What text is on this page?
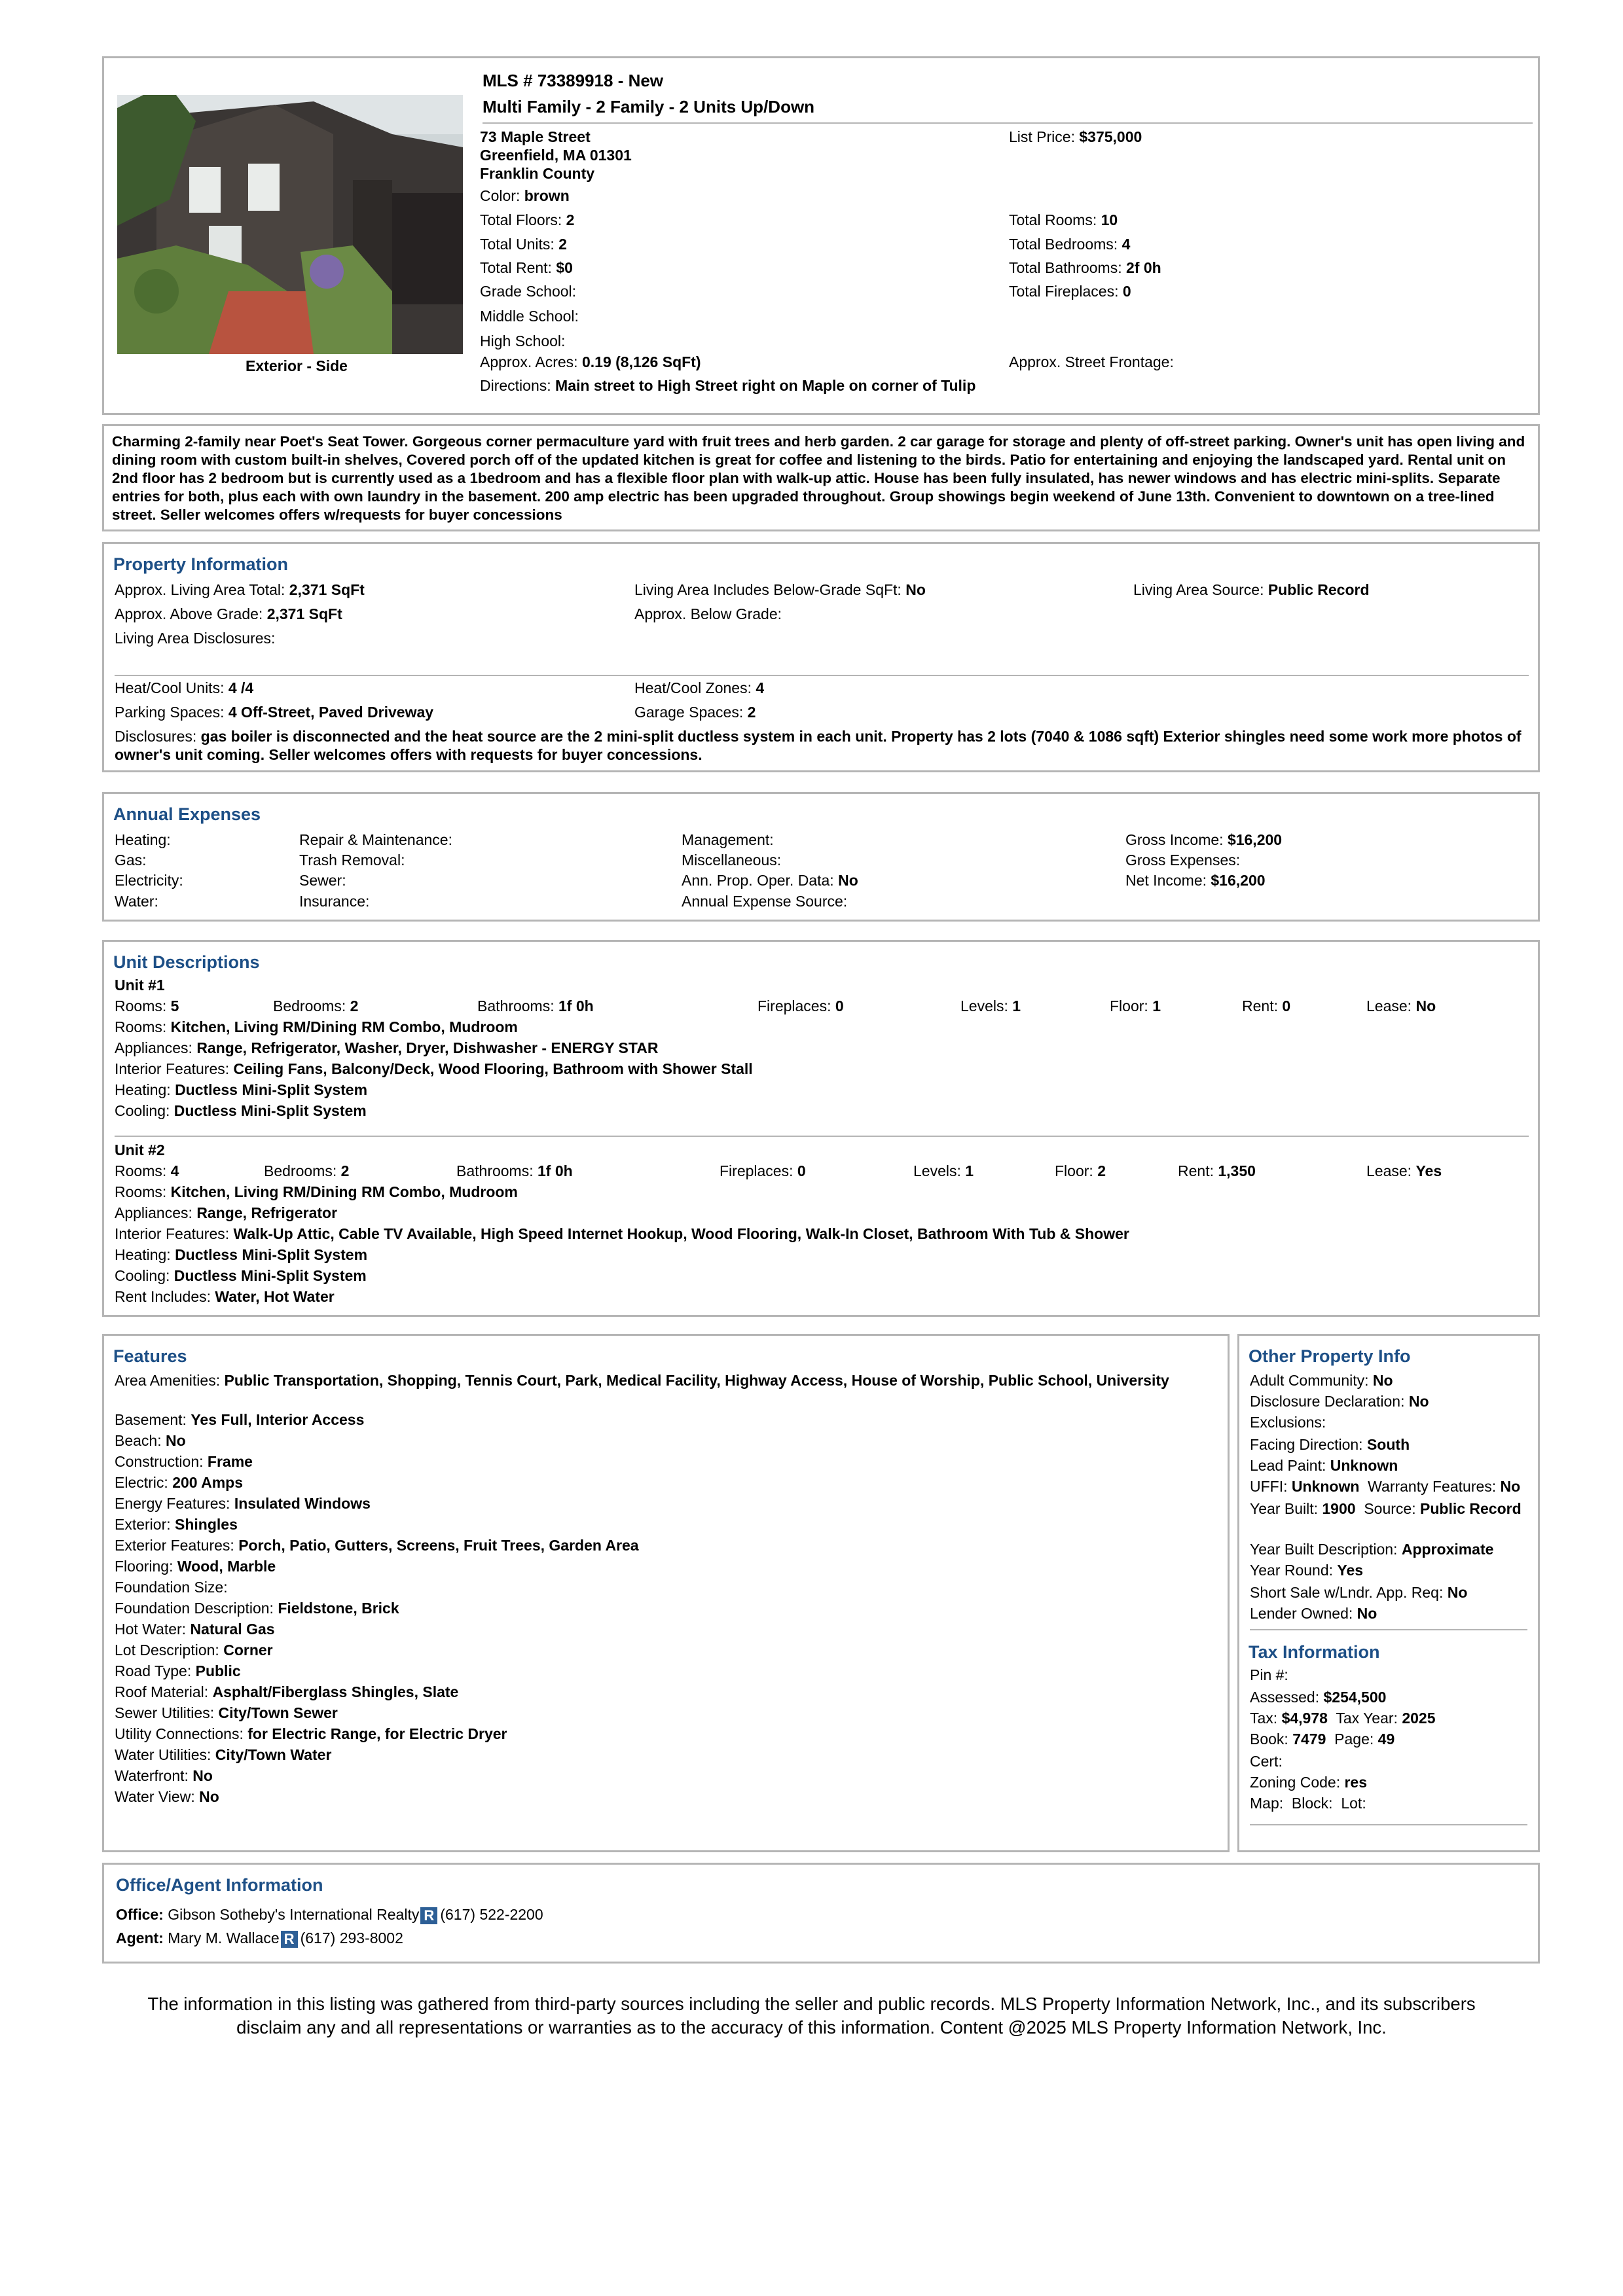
Exterior - Side
MLS # 73389918 - New
Multi Family - 2 Family - 2 Units Up/Down
73 Maple Street
Greenfield, MA 01301
Franklin County
List Price: $375,000
Color: brown
Total Floors: 2
Total Units: 2
Total Rent: $0
Grade School:
Middle School:
High School:
Approx. Acres: 0.19 (8,126 SqFt)
Total Rooms: 10
Total Bedrooms: 4
Total Bathrooms: 2f 0h
Total Fireplaces: 0
Approx. Street Frontage:
Directions: Main street to High Street right on Maple on corner of Tulip
Charming 2-family near Poet's Seat Tower. Gorgeous corner permaculture yard with fruit trees and herb garden. 2 car garage for storage and plenty of off-street parking. Owner's unit has open living and dining room with custom built-in shelves, Covered porch off of the updated kitchen is great for coffee and listening to the birds. Patio for entertaining and enjoying the landscaped yard. Rental unit on 2nd floor has 2 bedroom but is currently used as a 1bedroom and has a flexible floor plan with walk-up attic. House has been fully insulated, has newer windows and has electric mini-splits. Separate entries for both, plus each with own laundry in the basement. 200 amp electric has been upgraded throughout. Group showings begin weekend of June 13th. Convenient to downtown on a tree-lined street. Seller welcomes offers w/requests for buyer concessions
Property Information
Approx. Living Area Total: 2,371 SqFt	Living Area Includes Below-Grade SqFt: No	Living Area Source: Public Record
Approx. Above Grade: 2,371 SqFt	Approx. Below Grade:
Living Area Disclosures:
Heat/Cool Units: 4 /4	Heat/Cool Zones: 4
Parking Spaces: 4 Off-Street, Paved Driveway	Garage Spaces: 2
Disclosures: gas boiler is disconnected and the heat source are the 2 mini-split ductless system in each unit. Property has 2 lots (7040 & 1086 sqft) Exterior shingles need some work more photos of owner's unit coming. Seller welcomes offers with requests for buyer concessions.
Annual Expenses
Heating:
Gas:
Electricity:
Water:
Repair & Maintenance:
Trash Removal:
Sewer:
Insurance:
Management:
Miscellaneous:
Ann. Prop. Oper. Data: No
Annual Expense Source:
Gross Income: $16,200
Gross Expenses:
Net Income: $16,200
Unit Descriptions
Unit #1
Rooms: 5	Bedrooms: 2	Bathrooms: 1f 0h	Fireplaces: 0	Levels: 1	Floor: 1	Rent: 0	Lease: No
Rooms: Kitchen, Living RM/Dining RM Combo, Mudroom
Appliances: Range, Refrigerator, Washer, Dryer, Dishwasher - ENERGY STAR
Interior Features: Ceiling Fans, Balcony/Deck, Wood Flooring, Bathroom with Shower Stall
Heating: Ductless Mini-Split System
Cooling: Ductless Mini-Split System
Unit #2
Rooms: 4	Bedrooms: 2	Bathrooms: 1f 0h	Fireplaces: 0	Levels: 1	Floor: 2	Rent: 1,350	Lease: Yes
Rooms: Kitchen, Living RM/Dining RM Combo, Mudroom
Appliances: Range, Refrigerator
Interior Features: Walk-Up Attic, Cable TV Available, High Speed Internet Hookup, Wood Flooring, Walk-In Closet, Bathroom With Tub & Shower
Heating: Ductless Mini-Split System
Cooling: Ductless Mini-Split System
Rent Includes: Water, Hot Water
Features
Area Amenities: Public Transportation, Shopping, Tennis Court, Park, Medical Facility, Highway Access, House of Worship, Public School, University
Basement: Yes Full, Interior Access
Beach: No
Construction: Frame
Electric: 200 Amps
Energy Features: Insulated Windows
Exterior: Shingles
Exterior Features: Porch, Patio, Gutters, Screens, Fruit Trees, Garden Area
Flooring: Wood, Marble
Foundation Size:
Foundation Description: Fieldstone, Brick
Hot Water: Natural Gas
Lot Description: Corner
Road Type: Public
Roof Material: Asphalt/Fiberglass Shingles, Slate
Sewer Utilities: City/Town Sewer
Utility Connections: for Electric Range, for Electric Dryer
Water Utilities: City/Town Water
Waterfront: No
Water View: No
Other Property Info
Adult Community: No
Disclosure Declaration: No
Exclusions:
Facing Direction: South
Lead Paint: Unknown
UFFI: Unknown Warranty Features: No
Year Built: 1900 Source: Public Record
Year Built Description: Approximate
Year Round: Yes
Short Sale w/Lndr. App. Req: No
Lender Owned: No
Tax Information
Pin #:
Assessed: $254,500
Tax: $4,978 Tax Year: 2025
Book: 7479 Page: 49
Cert:
Zoning Code: res
Map: Block: Lot:
Office/Agent Information
Office: Gibson Sotheby's International Realty R (617) 522-2200
Agent: Mary M. Wallace R (617) 293-8002
The information in this listing was gathered from third-party sources including the seller and public records. MLS Property Information Network, Inc., and its subscribers
disclaim any and all representations or warranties as to the accuracy of this information. Content @2025 MLS Property Information Network, Inc.
